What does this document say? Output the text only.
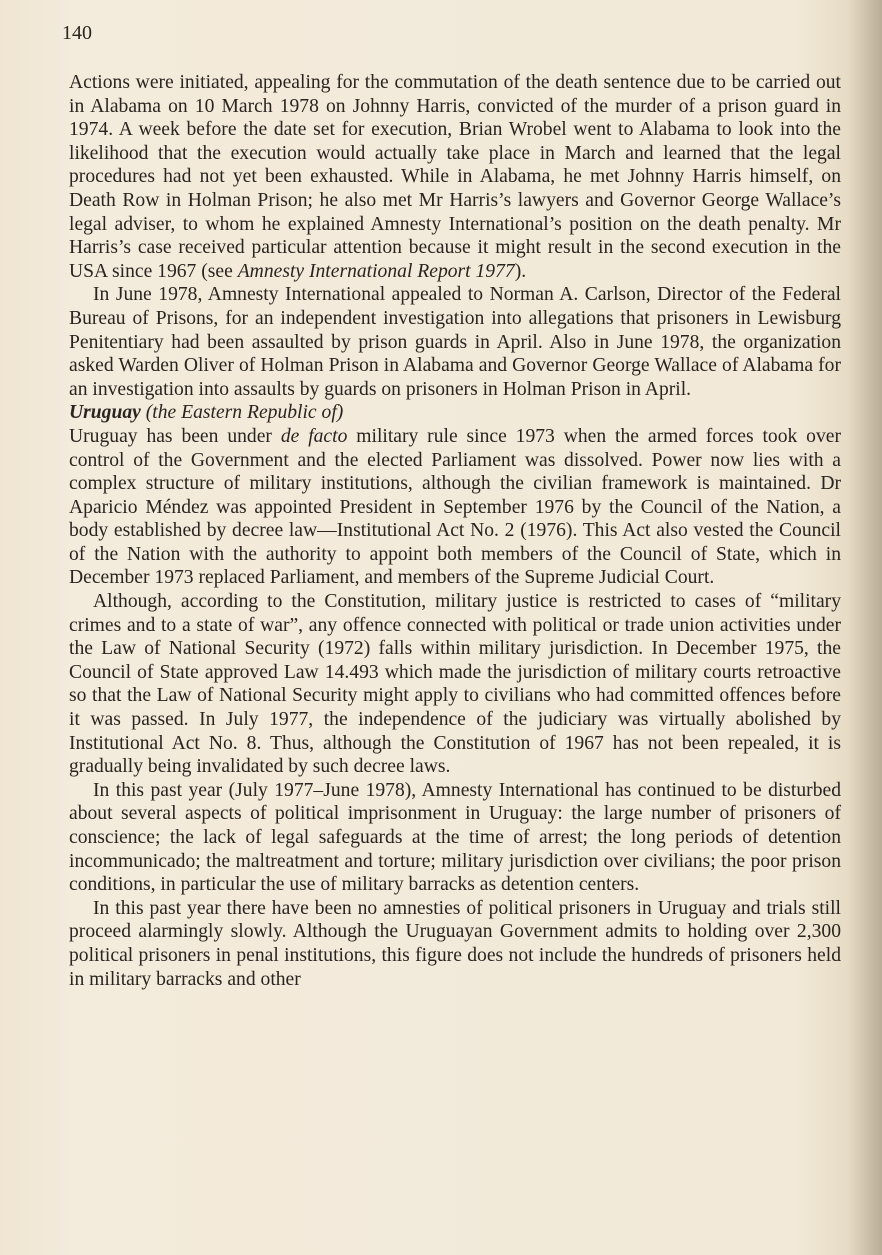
140

Actions were initiated, appealing for the commutation of the death sentence due to be carried out in Alabama on 10 March 1978 on Johnny Harris, convicted of the murder of a prison guard in 1974. A week before the date set for execution, Brian Wrobel went to Alabama to look into the likelihood that the execution would actually take place in March and learned that the legal procedures had not yet been exhausted. While in Alabama, he met Johnny Harris himself, on Death Row in Holman Prison; he also met Mr Harris’s lawyers and Governor George Wallace’s legal adviser, to whom he explained Amnesty International’s position on the death penalty. Mr Harris’s case received particular attention because it might result in the second execution in the USA since 1967 (see Amnesty International Report 1977).

In June 1978, Amnesty International appealed to Norman A. Carlson, Director of the Federal Bureau of Prisons, for an independent investigation into allegations that prisoners in Lewisburg Penitentiary had been assaulted by prison guards in April. Also in June 1978, the organization asked Warden Oliver of Holman Prison in Alabama and Governor George Wallace of Alabama for an investigation into assaults by guards on prisoners in Holman Prison in April.

Uruguay (the Eastern Republic of)

Uruguay has been under de facto military rule since 1973 when the armed forces took over control of the Government and the elected Parliament was dissolved. Power now lies with a complex structure of military institutions, although the civilian framework is maintained. Dr Aparicio Méndez was appointed President in September 1976 by the Council of the Nation, a body established by decree law—Institutional Act No. 2 (1976). This Act also vested the Council of the Nation with the authority to appoint both members of the Council of State, which in December 1973 replaced Parliament, and members of the Supreme Judicial Court.

Although, according to the Constitution, military justice is restricted to cases of “military crimes and to a state of war”, any offence connected with political or trade union activities under the Law of National Security (1972) falls within military jurisdiction. In December 1975, the Council of State approved Law 14.493 which made the jurisdiction of military courts retroactive so that the Law of National Security might apply to civilians who had committed offences before it was passed. In July 1977, the independence of the judiciary was virtually abolished by Institutional Act No. 8. Thus, although the Constitution of 1967 has not been repealed, it is gradually being invalidated by such decree laws.

In this past year (July 1977–June 1978), Amnesty International has continued to be disturbed about several aspects of political imprisonment in Uruguay: the large number of prisoners of conscience; the lack of legal safeguards at the time of arrest; the long periods of detention incommunicado; the maltreatment and torture; military jurisdiction over civilians; the poor prison conditions, in particular the use of military barracks as detention centers.

In this past year there have been no amnesties of political prisoners in Uruguay and trials still proceed alarmingly slowly. Although the Uruguayan Government admits to holding over 2,300 political prisoners in penal institutions, this figure does not include the hundreds of prisoners held in military barracks and other
